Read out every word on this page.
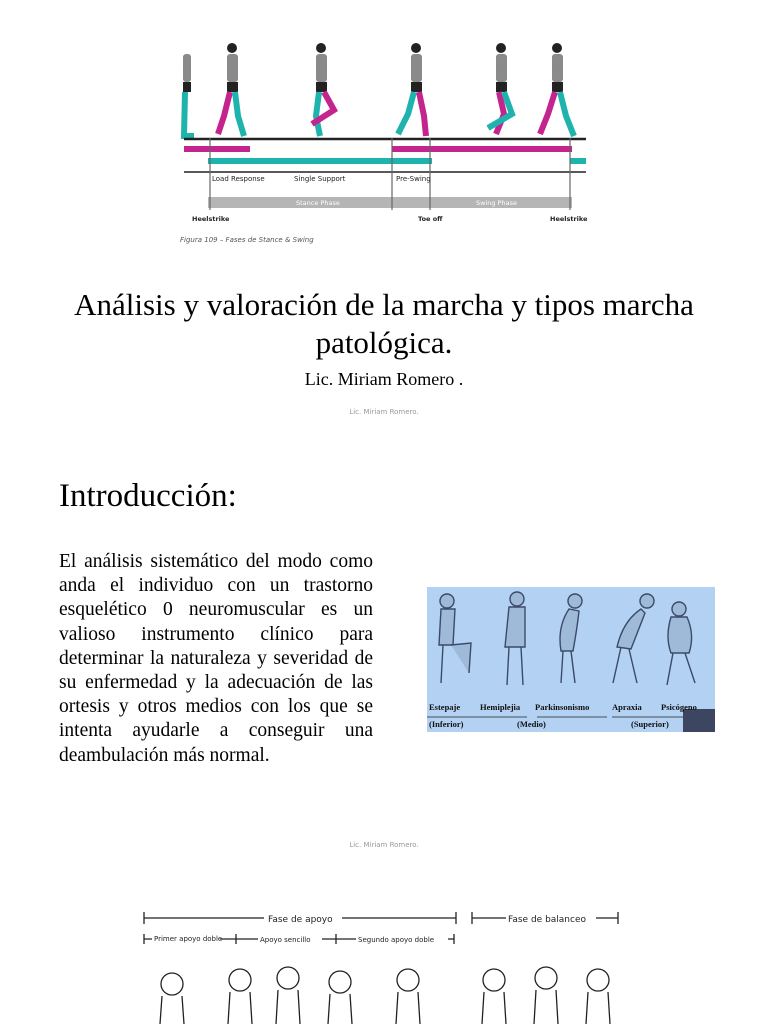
Load Response	Single Support	Pre-Swing
Stance Phase	Swing Phase
Heelstrike	Toe off	Heelstrike
Figura 109 – Fases de Stance & Swing
Análisis y valoración de la marcha y tipos marcha patológica.
Lic. Miriam Romero .
Lic. Miriam Romero.
Introducción:
El análisis sistemático del modo como anda el individuo con un trastorno esquelético 0 neuromuscular es un valioso instrumento clínico para determinar la naturaleza y severidad de su enfermedad y la adecuación de las ortesis y otros medios con los que se intenta ayudarle a conseguir una deambulación más normal.
Estepaje Hemiplejia Parkinsonismo	Apraxia Psicógeno
(Inferior)	(Medio)	(Superior)
Lic. Miriam Romero.
Fase de apoyo	Fase de balanceo
Primer apoyo doble	Apoyo sencillo	Segundo apoyo doble
